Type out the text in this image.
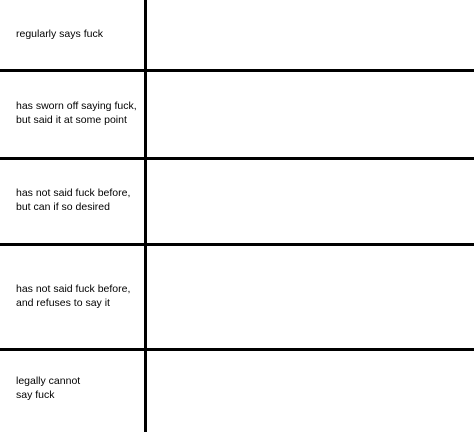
regularly says fuck
has sworn off saying fuck,
but said it at some point
has not said fuck before,
but can if so desired
has not said fuck before,
and refuses to say it
legally cannot
say fuck
